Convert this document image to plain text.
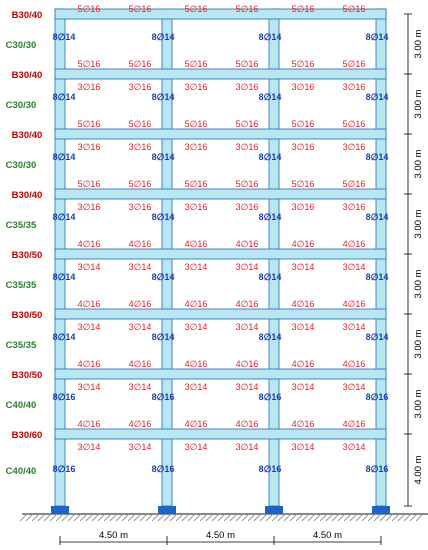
B30/40
B30/40
B30/40
B30/40
B30/50
B30/50
B30/50
B30/60
C30/30
C30/30
C30/30
C35/35
C35/35
C35/35
C40/40
C40/40
5∅16	5∅16	5∅16	5∅16	5∅16	5∅16
3∅16	3∅16	3∅16	3∅16	3∅16	3∅16
3∅16	3∅16	3∅16	3∅16	3∅16	3∅16
3∅16	3∅16	3∅16	3∅16	3∅16	3∅16
3∅14	3∅14	3∅14	3∅14	3∅14	3∅14
3∅14	3∅14	3∅14	3∅14	3∅14	3∅14
3∅14	3∅14	3∅14	3∅14	3∅14	3∅14
3∅14	3∅14	3∅14	3∅14	3∅14	3∅14
5∅16	5∅16	5∅16	5∅16	5∅16	5∅16
5∅16	5∅16	5∅16	5∅16	5∅16	5∅16
5∅16	5∅16	5∅16	5∅16	5∅16	5∅16
4∅16	4∅16	4∅16	4∅16	4∅16	4∅16
4∅16	4∅16	4∅16	4∅16	4∅16	4∅16
4∅16	4∅16	4∅16	4∅16	4∅16	4∅16
4∅16	4∅16	4∅16	4∅16	4∅16	4∅16
8∅14	8∅14	8∅14	8∅14
8∅14	8∅14	8∅14	8∅14
8∅14	8∅14	8∅14	8∅14
8∅14	8∅14	8∅14	8∅14
8∅14	8∅14	8∅14	8∅14
8∅14	8∅14	8∅14	8∅14
8∅16	8∅16	8∅16	8∅16
8∅16	8∅16	8∅16	8∅16
4.50 m	4.50 m	4.50 m
3.00 m
3.00 m
3.00 m
3.00 m
3.00 m
3.00 m
3.00 m
4.00 m
